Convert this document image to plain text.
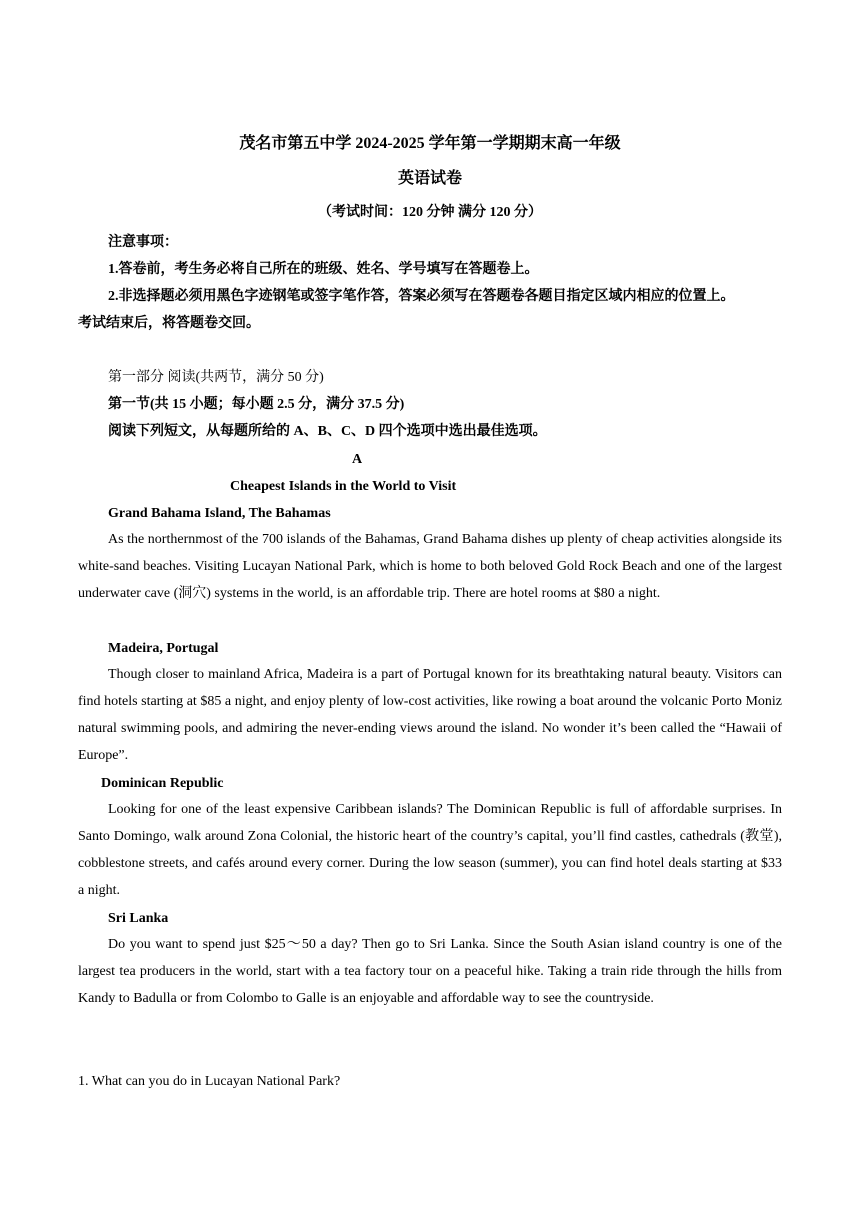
茂名市第五中学 2024-2025 学年第一学期期末高一年级
英语试卷
（考试时间：120 分钟 满分 120 分）
注意事项：
1.答卷前，考生务必将自己所在的班级、姓名、学号填写在答题卷上。
2.非选择题必须用黑色字迹钢笔或签字笔作答，答案必须写在答题卷各题目指定区域内相应的位置上。
考试结束后，将答题卷交回。
第一部分 阅读(共两节，满分 50 分)
第一节(共 15 小题；每小题 2.5 分，满分 37.5 分)
阅读下列短文，从每题所给的 A、B、C、D 四个选项中选出最佳选项。
A
Cheapest Islands in the World to Visit
Grand Bahama Island, The Bahamas
As the northernmost of the 700 islands of the Bahamas, Grand Bahama dishes up plenty of cheap activities alongside its white-sand beaches. Visiting Lucayan National Park, which is home to both beloved Gold Rock Beach and one of the largest underwater cave (洞穴) systems in the world, is an affordable trip. There are hotel rooms at $80 a night.
Madeira, Portugal
Though closer to mainland Africa, Madeira is a part of Portugal known for its breathtaking natural beauty. Visitors can find hotels starting at $85 a night, and enjoy plenty of low-cost activities, like rowing a boat around the volcanic Porto Moniz natural swimming pools, and admiring the never-ending views around the island. No wonder it’s been called the “Hawaii of Europe”.
Dominican Republic
Looking for one of the least expensive Caribbean islands? The Dominican Republic is full of affordable surprises. In Santo Domingo, walk around Zona Colonial, the historic heart of the country’s capital, you’ll find castles, cathedrals (教堂), cobblestone streets, and cafés around every corner. During the low season (summer), you can find hotel deals starting at $33 a night.
Sri Lanka
Do you want to spend just $25～50 a day? Then go to Sri Lanka. Since the South Asian island country is one of the largest tea producers in the world, start with a tea factory tour on a peaceful hike. Taking a train ride through the hills from Kandy to Badulla or from Colombo to Galle is an enjoyable and affordable way to see the countryside.
1. What can you do in Lucayan National Park?
